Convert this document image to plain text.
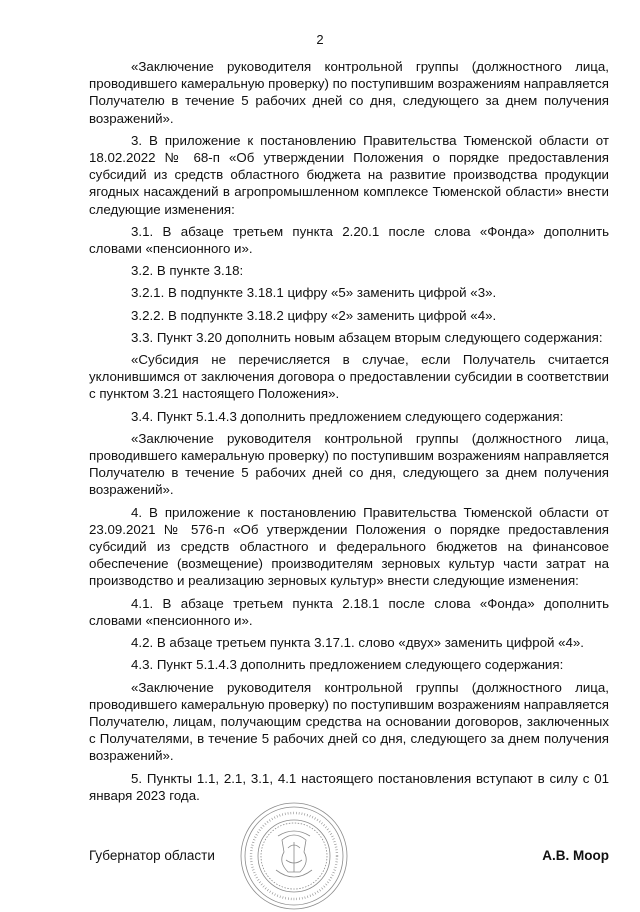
2

«Заключение руководителя контрольной группы (должностного лица, проводившего камеральную проверку) по поступившим возражениям направляется Получателю в течение 5 рабочих дней со дня, следующего за днем получения возражений».

3. В приложение к постановлению Правительства Тюменской области от 18.02.2022 № 68-п «Об утверждении Положения о порядке предоставления субсидий из средств областного бюджета на развитие производства продукции ягодных насаждений в агропромышленном комплексе Тюменской области» внести следующие изменения:

3.1. В абзаце третьем пункта 2.20.1 после слова «Фонда» дополнить словами «пенсионного и».

3.2. В пункте 3.18:

3.2.1. В подпункте 3.18.1 цифру «5» заменить цифрой «3».

3.2.2. В подпункте 3.18.2 цифру «2» заменить цифрой «4».

3.3. Пункт 3.20 дополнить новым абзацем вторым следующего содержания:

«Субсидия не перечисляется в случае, если Получатель считается уклонившимся от заключения договора о предоставлении субсидии в соответствии с пунктом 3.21 настоящего Положения».

3.4. Пункт 5.1.4.3 дополнить предложением следующего содержания:

«Заключение руководителя контрольной группы (должностного лица, проводившего камеральную проверку) по поступившим возражениям направляется Получателю в течение 5 рабочих дней со дня, следующего за днем получения возражений».

4. В приложение к постановлению Правительства Тюменской области от 23.09.2021 № 576-п «Об утверждении Положения о порядке предоставления субсидий из средств областного и федерального бюджетов на финансовое обеспечение (возмещение) производителям зерновых культур части затрат на производство и реализацию зерновых культур» внести следующие изменения:

4.1. В абзаце третьем пункта 2.18.1 после слова «Фонда» дополнить словами «пенсионного и».

4.2. В абзаце третьем пункта 3.17.1. слово «двух» заменить цифрой «4».

4.3. Пункт 5.1.4.3 дополнить предложением следующего содержания:

«Заключение руководителя контрольной группы (должностного лица, проводившего камеральную проверку) по поступившим возражениям направляется Получателю, лицам, получающим средства на основании договоров, заключенных с Получателями, в течение 5 рабочих дней со дня, следующего за днем получения возражений».

5. Пункты 1.1, 2.1, 3.1, 4.1 настоящего постановления вступают в силу с 01 января 2023 года.

Губернатор области	А.В. Моор
